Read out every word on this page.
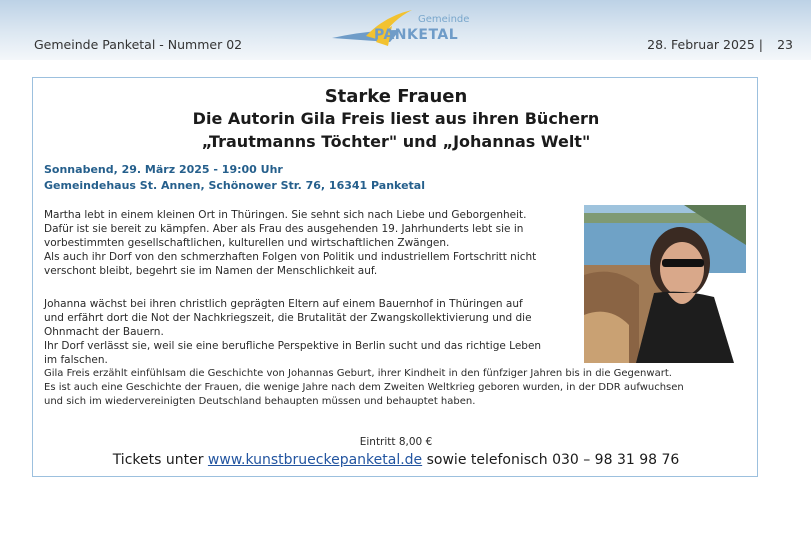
Gemeinde Panketal - Nummer 02
Gemeinde
PANKETAL
28. Februar 2025 | 23
Starke Frauen
Die Autorin Gila Freis liest aus ihren Büchern
„Trautmanns Töchter" und „Johannas Welt"
Sonnabend, 29. März 2025 - 19:00 Uhr
Gemeindehaus St. Annen, Schönower Str. 76, 16341 Panketal
Martha lebt in einem kleinen Ort in Thüringen. Sie sehnt sich nach Liebe und Geborgenheit.
Dafür ist sie bereit zu kämpfen. Aber als Frau des ausgehenden 19. Jahrhunderts lebt sie in
vorbestimmten gesellschaftlichen, kulturellen und wirtschaftlichen Zwängen.
Als auch ihr Dorf von den schmerzhaften Folgen von Politik und industriellem Fortschritt nicht
verschont bleibt, begehrt sie im Namen der Menschlichkeit auf.
Johanna wächst bei ihren christlich geprägten Eltern auf einem Bauernhof in Thüringen auf
und erfährt dort die Not der Nachkriegszeit, die Brutalität der Zwangskollektivierung und die
Ohnmacht der Bauern.
Ihr Dorf verlässt sie, weil sie eine berufliche Perspektive in Berlin sucht und das richtige Leben
im falschen.
Gila Freis erzählt einfühlsam die Geschichte von Johannas Geburt, ihrer Kindheit in den fünfziger Jahren bis in die Gegenwart.
Es ist auch eine Geschichte der Frauen, die wenige Jahre nach dem Zweiten Weltkrieg geboren wurden, in der DDR aufwuchsen
und sich im wiedervereinigten Deutschland behaupten müssen und behauptet haben.
Eintritt 8,00 €
Tickets unter www.kunstbrueckepanketal.de sowie telefonisch 030 – 98 31 98 76
